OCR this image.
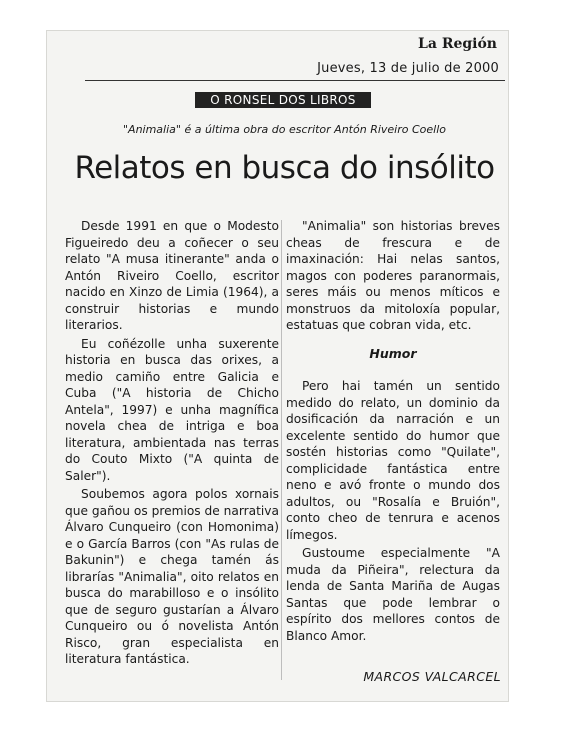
La Región
Jueves, 13 de julio de 2000
O RONSEL DOS LIBROS
"Animalia" é a última obra do escritor Antón Riveiro Coello
Relatos en busca do insólito

Desde 1991 en que o Modesto Figueiredo deu a coñecer o seu relato "A musa itinerante" anda o Antón Riveiro Coello, escritor nacido en Xinzo de Limia (1964), a construir historias e mundo literarios.

Eu coñézolle unha suxerente historia en busca das orixes, a medio camiño entre Galicia e Cuba ("A historia de Chicho Antela", 1997) e unha magnífica novela chea de intriga e boa literatura, ambientada nas terras do Couto Mixto ("A quinta de Saler").

Soubemos agora polos xornais que gañou os premios de narrativa Álvaro Cunqueiro (con Homonima) e o García Barros (con "As rulas de Bakunin") e chega tamén ás librarías "Animalia", oito relatos en busca do marabilloso e o insólito que de seguro gustarían a Álvaro Cunqueiro ou ó novelista Antón Risco, gran especialista en literatura fantástica.

"Animalia" son historias breves cheas de frescura e de imaxinación: Hai nelas santos, magos con poderes paranormais, seres máis ou menos míticos e monstruos da mitoloxía popular, estatuas que cobran vida, etc.

Humor

Pero hai tamén un sentido medido do relato, un dominio da dosificación da narración e un excelente sentido do humor que sostén historias como "Quilate", complicidade fantástica entre neno e avó fronte o mundo dos adultos, ou "Rosalía e Bruión", conto cheo de tenrura e acenos límegos.

Gustoume especialmente "A muda da Piñeira", relectura da lenda de Santa Mariña de Augas Santas que pode lembrar o espírito dos mellores contos de Blanco Amor.

MARCOS VALCARCEL
